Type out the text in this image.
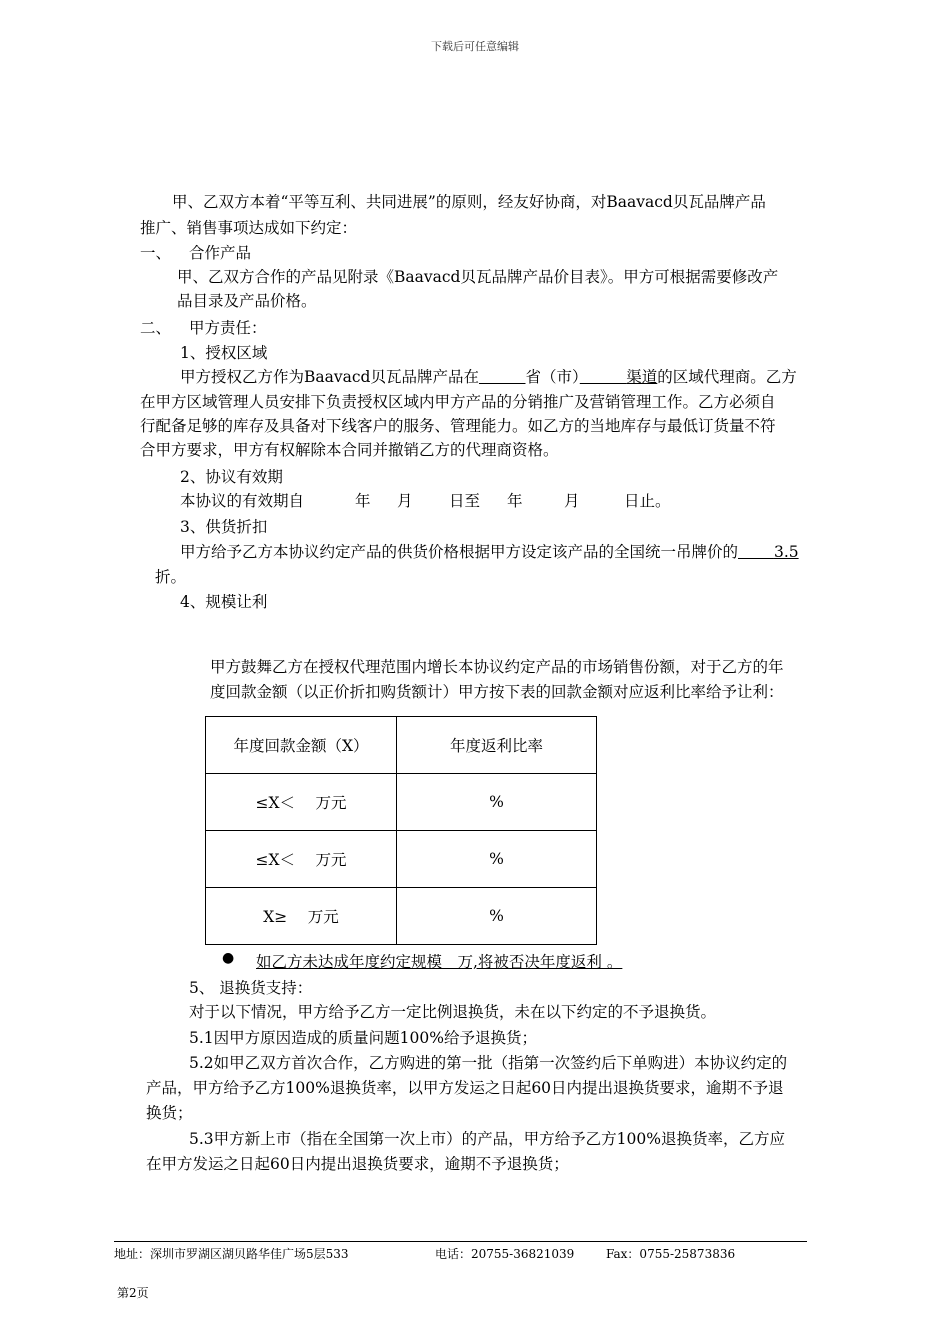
下载后可任意编辑
甲、乙双方本着“平等互利、共同进展”的原则，经友好协商，对Baavacd贝瓦品牌产品
推广、销售事项达成如下约定：
一、 合作产品
甲、乙双方合作的产品见附录《Baavacd贝瓦品牌产品价目表》。甲方可根据需要修改产
品目录及产品价格。
二、 甲方责任：
1、授权区域
甲方授权乙方作为Baavacd贝瓦品牌产品在　　　	省（市）　　　	渠道的区域代理商。乙方
在甲方区域管理人员安排下负责授权区域内甲方产品的分销推广及营销管理工作。乙方必须自
行配备足够的库存及具备对下线客户的服务、管理能力。如乙方的当地库存与最低订货量不符
合甲方要求，甲方有权解除本合同并撤销乙方的代理商资格。
2、协议有效期
本协议的有效期自	年 月 日至 年	月	日止。
3、供货折扣
甲方给予乙方本协议约定产品的供货价格根据甲方设定该产品的全国统一吊牌价的　　 3.5
折。
4、规模让利
甲方鼓舞乙方在授权代理范围内增长本协议约定产品的市场销售份额，对于乙方的年
度回款金额（以正价折扣购货额计）甲方按下表的回款金额对应返利比率给予让利：
年度回款金额（X）	年度返利比率
≤X＜　 万元	%
≤X＜　 万元	%
X≥　 万元	%
● 如乙方未达成年度约定规模　万,将被否决年度返利 。
5、 退换货支持：
对于以下情况，甲方给予乙方一定比例退换货，未在以下约定的不予退换货。
5.1因甲方原因造成的质量问题100%给予退换货；
5.2如甲乙双方首次合作，乙方购进的第一批（指第一次签约后下单购进）本协议约定的
产品，甲方给予乙方100%退换货率，以甲方发运之日起60日内提出退换货要求，逾期不予退
换货；
5.3甲方新上市（指在全国第一次上市）的产品，甲方给予乙方100%退换货率，乙方应
在甲方发运之日起60日内提出退换货要求，逾期不予退换货；
地址：深圳市罗湖区湖贝路华佳广场5层533	电话：20755-36821039	Fax：0755-25873836
第2页
